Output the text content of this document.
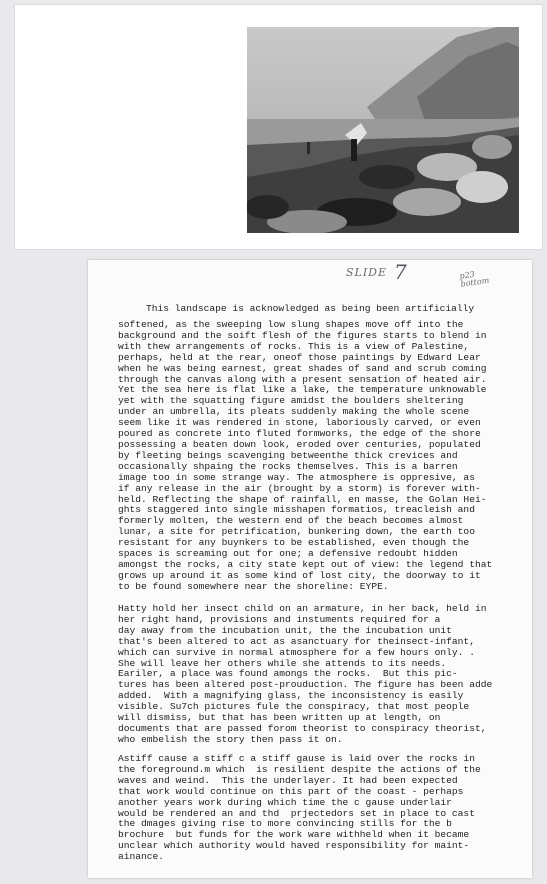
SLIDE 7	p23 bottom

This landscape is acknowledged as being been artificially

softened, as the sweeping low slung shapes move off into the
background and the soift flesh of the figures starts to blend in
with thew arrangements of rocks. This is a view of Palestine,
perhaps, held at the rear, oneof those paintings by Edward Lear
when he was being earnest, great shades of sand and scrub coming
through the canvas along with a present sensation of heated air.
Yet the sea here is flat like a lake, the temperature unknowable
yet with the squatting figure amidst the boulders sheltering
under an umbrella, its pleats suddenly making the whole scene
seem like it was rendered in stone, laboriously carved, or even
poured as concrete into fluted formworks, the edge of the shore
possessing a beaten down look, eroded over centuries, populated
by fleeting beings scavenging betweenthe thick crevices and
occasionally shpaing the rocks themselves. This is a barren
image too in some strange way. The atmosphere is oppresive, as
if any release in the air (brought by a storm) is forever with-
held. Reflecting the shape of rainfall, en masse, the Golan Hei-
ghts staggered into single misshapen formatios, treacleish and
formerly molten, the western end of the beach becomes almost
lunar, a site for petrification, bunkering down, the earth too
resistant for any buynkers to be established, even though the
spaces is screaming out for one; a defensive redoubt hidden
amongst the rocks, a city state kept out of view: the legend that
grows up around it as some kind of lost city, the doorway to it
to be found somewhere near the shoreline: EYPE.

Hatty hold her insect child on an armature, in her back, held in
her right hand, provisions and instuments required for a
day away from the incubation unit, the the incubation unit
that's been altered to act as asanctuary for theinsect-infant,
which can survive in normal atmosphere for a few hours only. .
She will leave her others while she attends to its needs.
Eariler, a place was found amongs the rocks.  But this pic-
tures has been altered post-prouduction. The figure has been adde
added.  With a magnifying glass, the inconsistency is easily
visible. Su7ch pictures fule the conspiracy, that most people
will dismiss, but that has been written up at length, on
documents that are passed forom theorist to conspiracy theorist,
who embelish the story then pass it on.

Astiff cause a stiff c a stiff gause is laid over the rocks in
the foreground.m which  is resilient despite the actions of the
waves and weind.  This the underlayer. It had been expected
that work would continue on this part of the coast - perhaps
another years work during which time the c gause underlair
would be rendered an and thd  prjectedors set in place to cast
the dmages giving rise to more convincing stills for the b
brochure  but funds for the work ware withheld when it became
unclear which authority would haved responsibility for maint-
ainance.
